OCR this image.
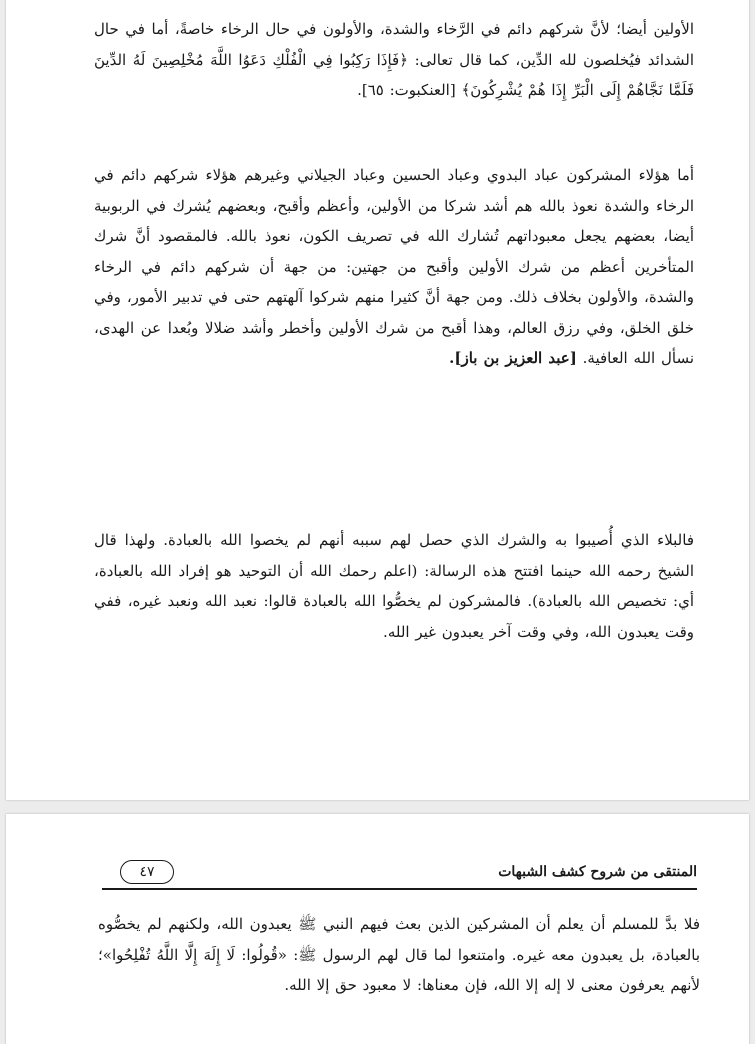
الأولين أيضا؛ لأنَّ شركهم دائم في الرَّخاء والشدة، والأولون في حال الرخاء خاصةً، أما في حال الشدائد فيُخلصون لله الدِّين، كما قال تعالى: ﴿فَإِذَا رَكِبُوا فِي الْفُلْكِ دَعَوُا اللَّهَ مُخْلِصِينَ لَهُ الدِّينَ فَلَمَّا نَجَّاهُمْ إِلَى الْبَرِّ إِذَا هُمْ يُشْرِكُونَ﴾ [العنكبوت: ٦٥].

أما هؤلاء المشركون عباد البدوي وعباد الحسين وعباد الجيلاني وغيرهم هؤلاء شركهم دائم في الرخاء والشدة نعوذ بالله هم أشد شركا من الأولين، وأعظم وأقبح، وبعضهم يُشرك في الربوبية أيضا، بعضهم يجعل معبوداتهم تُشارك الله في تصريف الكون، نعوذ بالله. فالمقصود أنَّ شرك المتأخرين أعظم من شرك الأولين وأقبح من جهتين: من جهة أن شركهم دائم في الرخاء والشدة، والأولون بخلاف ذلك. ومن جهة أنَّ كثيرا منهم شركوا آلهتهم حتى في تدبير الأمور، وفي خلق الخلق، وفي رزق العالم، وهذا أقبح من شرك الأولين وأخطر وأشد ضلالا وبُعدا عن الهدى، نسأل الله العافية. [عبد العزيز بن باز].

فالبلاء الذي أُصيبوا به والشرك الذي حصل لهم سببه أنهم لم يخصوا الله بالعبادة. ولهذا قال الشيخ رحمه الله حينما افتتح هذه الرسالة: (اعلم رحمك الله أن التوحيد هو إفراد الله بالعبادة، أي: تخصيص الله بالعبادة). فالمشركون لم يخصُّوا الله بالعبادة قالوا: نعبد الله ونعبد غيره، ففي وقت يعبدون الله، وفي وقت آخر يعبدون غير الله.

المنتقى من شروح كشف الشبهات
٤٧

فلا بدَّ للمسلم أن يعلم أن المشركين الذين بعث فيهم النبي ﷺ يعبدون الله، ولكنهم لم يخصُّوه بالعبادة، بل يعبدون معه غيره. وامتنعوا لما قال لهم الرسول ﷺ: «قُولُوا: لَا إِلَهَ إِلَّا اللَّهُ تُفْلِحُوا»؛ لأنهم يعرفون معنى لا إله إلا الله، فإن معناها: لا معبود حق إلا الله.
